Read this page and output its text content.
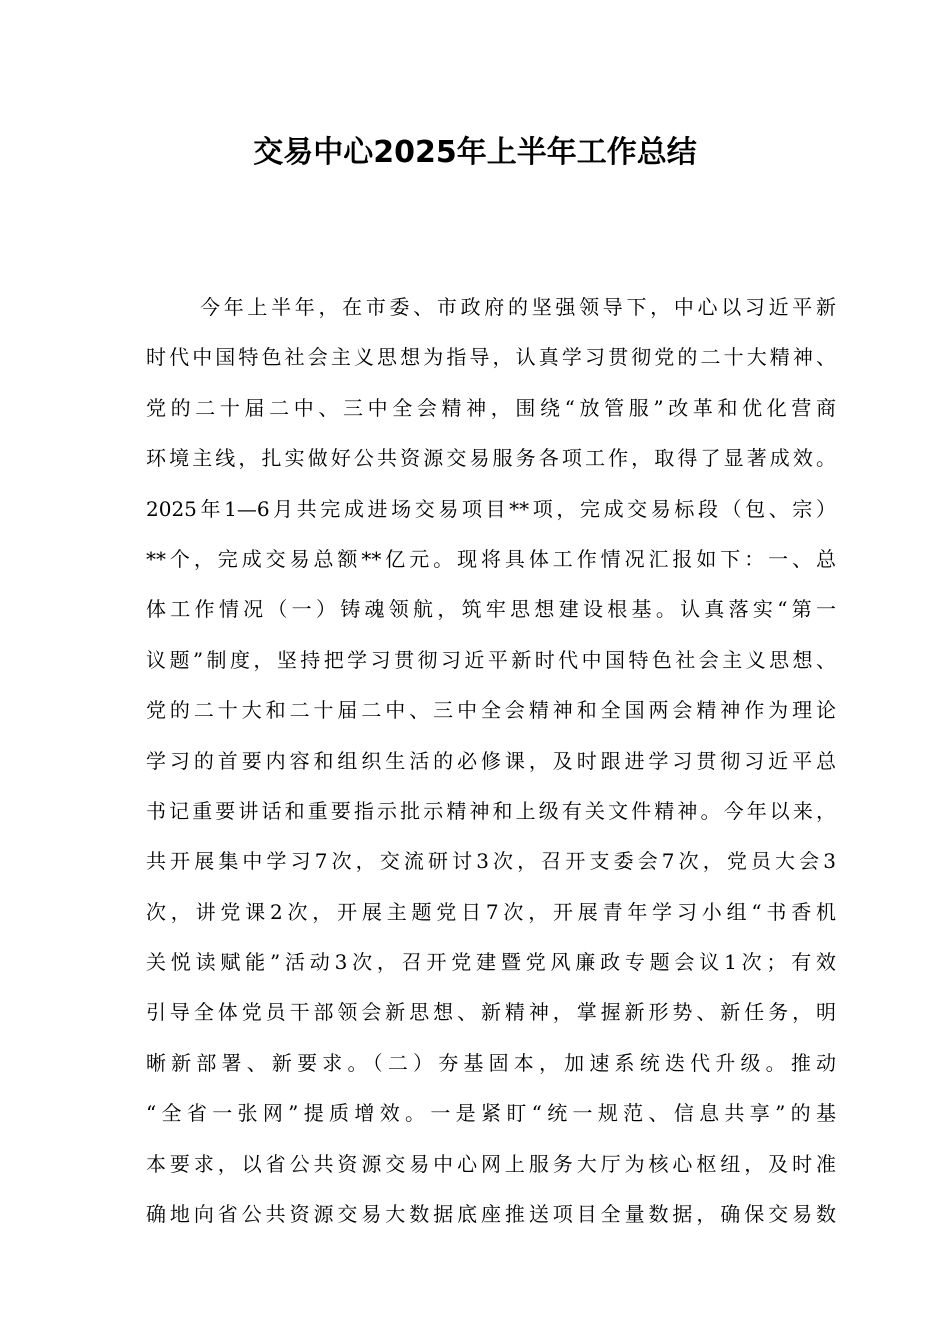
交易中心2025年上半年工作总结
今年上半年，在市委、市政府的坚强领导下，中心以习近平新
时代中国特色社会主义思想为指导，认真学习贯彻党的二十大精神、
党的二十届二中、三中全会精神，围绕“放管服”改革和优化营商
环境主线，扎实做好公共资源交易服务各项工作，取得了显著成效。
2025年1—6月共完成进场交易项目**项，完成交易标段（包、宗）
**个，完成交易总额**亿元。现将具体工作情况汇报如下：一、总
体工作情况（一）铸魂领航，筑牢思想建设根基。认真落实“第一
议题”制度，坚持把学习贯彻习近平新时代中国特色社会主义思想、
党的二十大和二十届二中、三中全会精神和全国两会精神作为理论
学习的首要内容和组织生活的必修课，及时跟进学习贯彻习近平总
书记重要讲话和重要指示批示精神和上级有关文件精神。今年以来，
共开展集中学习7次，交流研讨3次，召开支委会7次，党员大会3
次，讲党课2次，开展主题党日7次，开展青年学习小组“书香机
关悦读赋能”活动3次，召开党建暨党风廉政专题会议1次；有效
引导全体党员干部领会新思想、新精神，掌握新形势、新任务，明
晰新部署、新要求。（二）夯基固本，加速系统迭代升级。推动
“全省一张网”提质增效。一是紧盯“统一规范、信息共享”的基
本要求，以省公共资源交易中心网上服务大厅为核心枢纽，及时准
确地向省公共资源交易大数据底座推送项目全量数据，确保交易数
